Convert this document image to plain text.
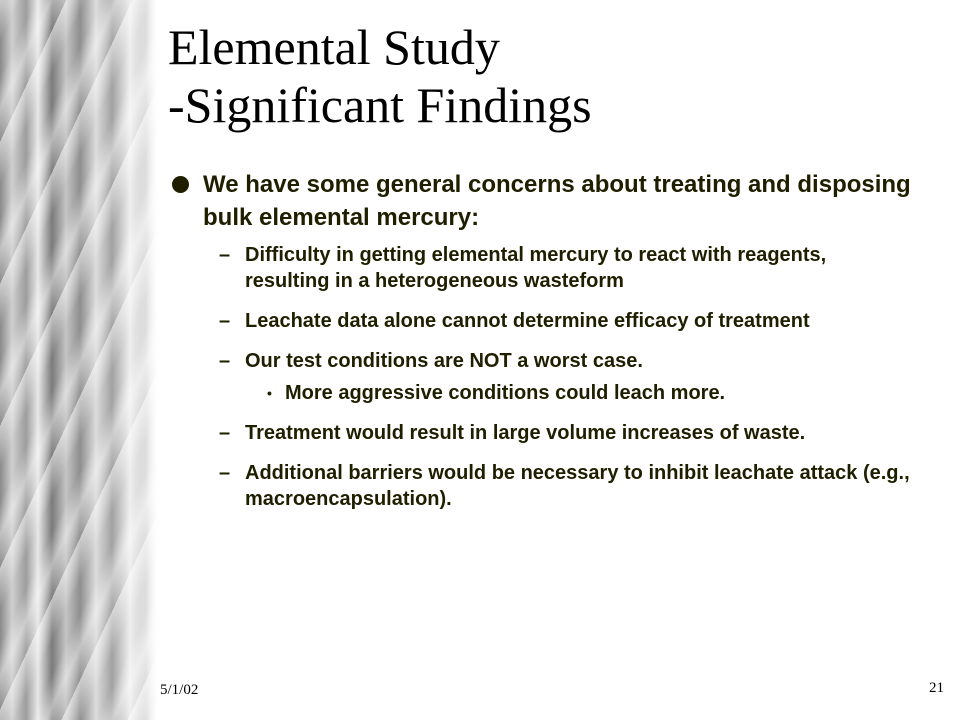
Elemental Study
-Significant Findings
We have some general concerns about treating and disposing bulk elemental mercury:
– Difficulty in getting elemental mercury to react with reagents, resulting in a heterogeneous wasteform
– Leachate data alone cannot determine efficacy of treatment
– Our test conditions are NOT a worst case.
• More aggressive conditions could leach more.
– Treatment would result in large volume increases of waste.
– Additional barriers would be necessary to inhibit leachate attack (e.g., macroencapsulation).
5/1/02	21
